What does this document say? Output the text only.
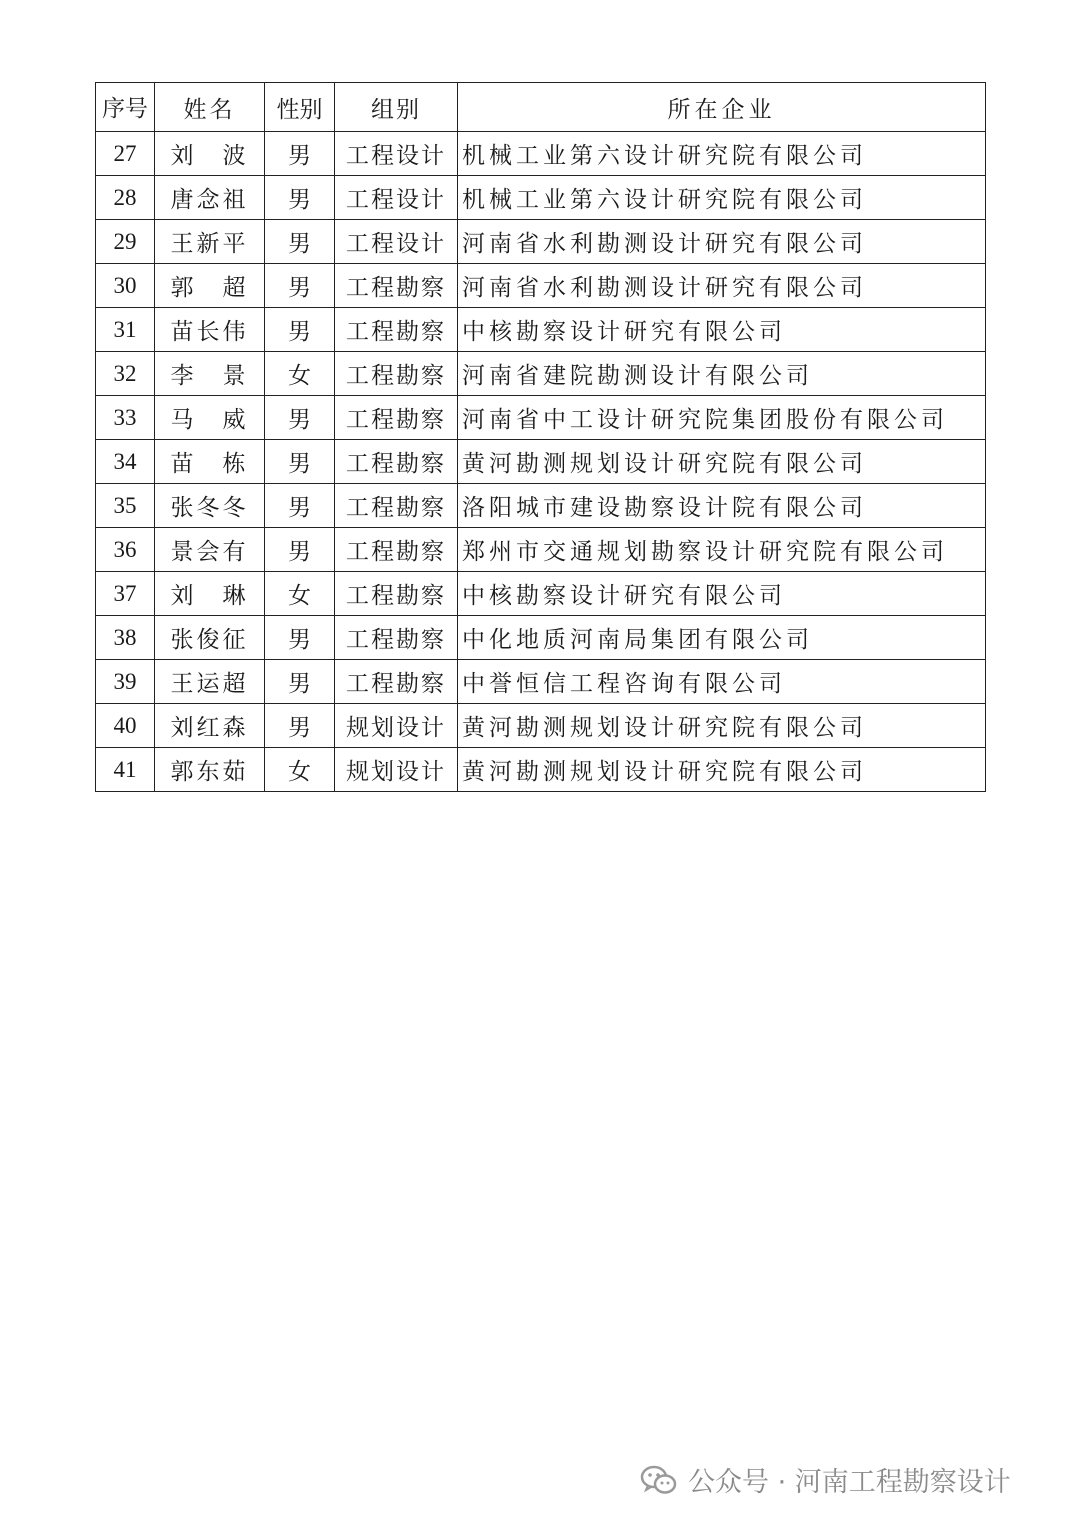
序号	姓名	性别	组别	所在企业
27	刘　波	男	工程设计	机械工业第六设计研究院有限公司
28	唐念祖	男	工程设计	机械工业第六设计研究院有限公司
29	王新平	男	工程设计	河南省水利勘测设计研究有限公司
30	郭　超	男	工程勘察	河南省水利勘测设计研究有限公司
31	苗长伟	男	工程勘察	中核勘察设计研究有限公司
32	李　景	女	工程勘察	河南省建院勘测设计有限公司
33	马　威	男	工程勘察	河南省中工设计研究院集团股份有限公司
34	苗　栋	男	工程勘察	黄河勘测规划设计研究院有限公司
35	张冬冬	男	工程勘察	洛阳城市建设勘察设计院有限公司
36	景会有	男	工程勘察	郑州市交通规划勘察设计研究院有限公司
37	刘　琳	女	工程勘察	中核勘察设计研究有限公司
38	张俊征	男	工程勘察	中化地质河南局集团有限公司
39	王运超	男	工程勘察	中誉恒信工程咨询有限公司
40	刘红森	男	规划设计	黄河勘测规划设计研究院有限公司
41	郭东茹	女	规划设计	黄河勘测规划设计研究院有限公司
公众号 · 河南工程勘察设计
